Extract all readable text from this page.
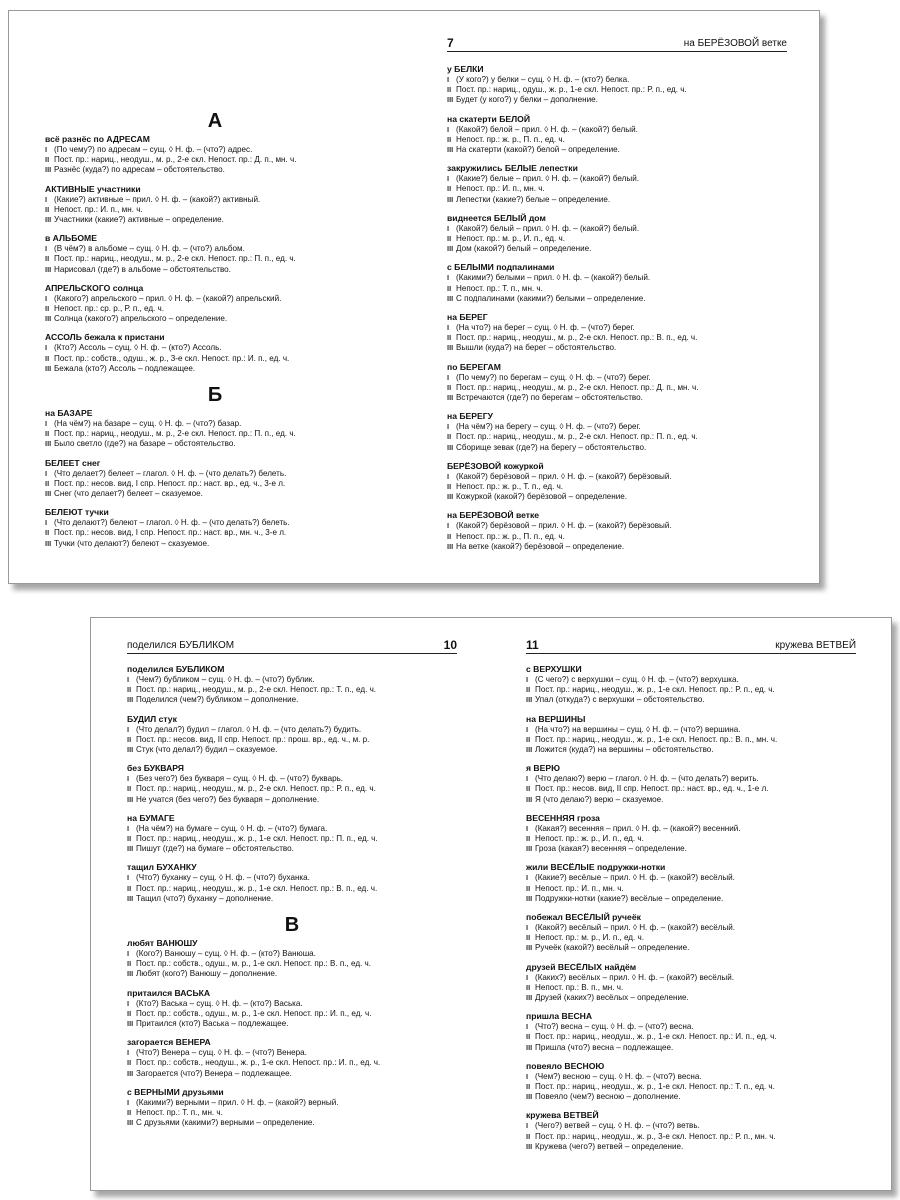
А
всё разнёс по АДРЕСАМ
I (По чему?) по адресам – сущ. ◊ Н. ф. – (что?) адрес.
II Пост. пр.: нариц., неодуш., м. р., 2-е скл. Непост. пр.: Д. п., мн. ч.
III Разнёс (куда?) по адресам – обстоятельство.
АКТИВНЫЕ участники
I (Какие?) активные – прил. ◊ Н. ф. – (какой?) активный.
II Непост. пр.: И. п., мн. ч.
III Участники (какие?) активные – определение.
в АЛЬБОМЕ
I (В чём?) в альбоме – сущ. ◊ Н. ф. – (что?) альбом.
II Пост. пр.: нариц., неодуш., м. р., 2-е скл. Непост. пр.: П. п., ед. ч.
III Нарисовал (где?) в альбоме – обстоятельство.
АПРЕЛЬСКОГО солнца
I (Какого?) апрельского – прил. ◊ Н. ф. – (какой?) апрельский.
II Непост. пр.: ср. р., Р. п., ед. ч.
III Солнца (какого?) апрельского – определение.
АССОЛЬ бежала к пристани
I (Кто?) Ассоль – сущ. ◊ Н. ф. – (кто?) Ассоль.
II Пост. пр.: собств., одуш., ж. р., 3-е скл. Непост. пр.: И. п., ед. ч.
III Бежала (кто?) Ассоль – подлежащее.
Б
на БАЗАРЕ
I (На чём?) на базаре – сущ. ◊ Н. ф. – (что?) базар.
II Пост. пр.: нариц., неодуш., м. р., 2-е скл. Непост. пр.: П. п., ед. ч.
III Было светло (где?) на базаре – обстоятельство.
БЕЛЕЕТ снег
I (Что делает?) белеет – глагол. ◊ Н. ф. – (что делать?) белеть.
II Пост. пр.: несов. вид, I спр. Непост. пр.: наст. вр., ед. ч., 3-е л.
III Снег (что делает?) белеет – сказуемое.
БЕЛЕЮТ тучки
I (Что делают?) белеют – глагол. ◊ Н. ф. – (что делать?) белеть.
II Пост. пр.: несов. вид, I спр. Непост. пр.: наст. вр., мн. ч., 3-е л.
III Тучки (что делают?) белеют – сказуемое.
7	на БЕРЁЗОВОЙ ветке
у БЕЛКИ
I (У кого?) у белки – сущ. ◊ Н. ф. – (кто?) белка.
II Пост. пр.: нариц., одуш., ж. р., 1-е скл. Непост. пр.: Р. п., ед. ч.
III Будет (у кого?) у белки – дополнение.
на скатерти БЕЛОЙ
I (Какой?) белой – прил. ◊ Н. ф. – (какой?) белый.
II Непост. пр.: ж. р., П. п., ед. ч.
III На скатерти (какой?) белой – определение.
закружились БЕЛЫЕ лепестки
I (Какие?) белые – прил. ◊ Н. ф. – (какой?) белый.
II Непост. пр.: И. п., мн. ч.
III Лепестки (какие?) белые – определение.
виднеется БЕЛЫЙ дом
I (Какой?) белый – прил. ◊ Н. ф. – (какой?) белый.
II Непост. пр.: м. р., И. п., ед. ч.
III Дом (какой?) белый – определение.
с БЕЛЫМИ подпалинами
I (Какими?) белыми – прил. ◊ Н. ф. – (какой?) белый.
II Непост. пр.: Т. п., мн. ч.
III С подпалинами (какими?) белыми – определение.
на БЕРЕГ
I (На что?) на берег – сущ. ◊ Н. ф. – (что?) берег.
II Пост. пр.: нариц., неодуш., м. р., 2-е скл. Непост. пр.: В. п., ед. ч.
III Вышли (куда?) на берег – обстоятельство.
по БЕРЕГАМ
I (По чему?) по берегам – сущ. ◊ Н. ф. – (что?) берег.
II Пост. пр.: нариц., неодуш., м. р., 2-е скл. Непост. пр.: Д. п., мн. ч.
III Встречаются (где?) по берегам – обстоятельство.
на БЕРЕГУ
I (На чём?) на берегу – сущ. ◊ Н. ф. – (что?) берег.
II Пост. пр.: нариц., неодуш., м. р., 2-е скл. Непост. пр.: П. п., ед. ч.
III Сборище зевак (где?) на берегу – обстоятельство.
БЕРЁЗОВОЙ кожуркой
I (Какой?) берёзовой – прил. ◊ Н. ф. – (какой?) берёзовый.
II Непост. пр.: ж. р., Т. п., ед. ч.
III Кожуркой (какой?) берёзовой – определение.
на БЕРЁЗОВОЙ ветке
I (Какой?) берёзовой – прил. ◊ Н. ф. – (какой?) берёзовый.
II Непост. пр.: ж. р., П. п., ед. ч.
III На ветке (какой?) берёзовой – определение.
поделился БУБЛИКОМ	10
поделился БУБЛИКОМ
I (Чем?) бубликом – сущ. ◊ Н. ф. – (что?) бублик.
II Пост. пр.: нариц., неодуш., м. р., 2-е скл. Непост. пр.: Т. п., ед. ч.
III Поделился (чем?) бубликом – дополнение.
БУДИЛ стук
I (Что делал?) будил – глагол. ◊ Н. ф. – (что делать?) будить.
II Пост. пр.: несов. вид, II спр. Непост. пр.: прош. вр., ед. ч., м. р.
III Стук (что делал?) будил – сказуемое.
без БУКВАРЯ
I (Без чего?) без букваря – сущ. ◊ Н. ф. – (что?) букварь.
II Пост. пр.: нариц., неодуш., м. р., 2-е скл. Непост. пр.: Р. п., ед. ч.
III Не учатся (без чего?) без букваря – дополнение.
на БУМАГЕ
I (На чём?) на бумаге – сущ. ◊ Н. ф. – (что?) бумага.
II Пост. пр.: нариц., неодуш., ж. р., 1-е скл. Непост. пр.: П. п., ед. ч.
III Пишут (где?) на бумаге – обстоятельство.
тащил БУХАНКУ
I (Что?) буханку – сущ. ◊ Н. ф. – (что?) буханка.
II Пост. пр.: нариц., неодуш., ж. р., 1-е скл. Непост. пр.: В. п., ед. ч.
III Тащил (что?) буханку – дополнение.
В
любят ВАНЮШУ
I (Кого?) Ванюшу – сущ. ◊ Н. ф. – (кто?) Ванюша.
II Пост. пр.: собств., одуш., м. р., 1-е скл. Непост. пр.: В. п., ед. ч.
III Любят (кого?) Ванюшу – дополнение.
притаился ВАСЬКА
I (Кто?) Васька – сущ. ◊ Н. ф. – (кто?) Васька.
II Пост. пр.: собств., одуш., м. р., 1-е скл. Непост. пр.: И. п., ед. ч.
III Притаился (кто?) Васька – подлежащее.
загорается ВЕНЕРА
I (Что?) Венера – сущ. ◊ Н. ф. – (что?) Венера.
II Пост. пр.: собств., неодуш., ж. р., 1-е скл. Непост. пр.: И. п., ед. ч.
III Загорается (что?) Венера – подлежащее.
с ВЕРНЫМИ друзьями
I (Какими?) верными – прил. ◊ Н. ф. – (какой?) верный.
II Непост. пр.: Т. п., мн. ч.
III С друзьями (какими?) верными – определение.
11	кружева ВЕТВЕЙ
с ВЕРХУШКИ
I (С чего?) с верхушки – сущ. ◊ Н. ф. – (что?) верхушка.
II Пост. пр.: нариц., неодуш., ж. р., 1-е скл. Непост. пр.: Р. п., ед. ч.
III Упал (откуда?) с верхушки – обстоятельство.
на ВЕРШИНЫ
I (На что?) на вершины – сущ. ◊ Н. ф. – (что?) вершина.
II Пост. пр.: нариц., неодуш., ж. р., 1-е скл. Непост. пр.: В. п., мн. ч.
III Ложится (куда?) на вершины – обстоятельство.
я ВЕРЮ
I (Что делаю?) верю – глагол. ◊ Н. ф. – (что делать?) верить.
II Пост. пр.: несов. вид, II спр. Непост. пр.: наст. вр., ед. ч., 1-е л.
III Я (что делаю?) верю – сказуемое.
ВЕСЕННЯЯ гроза
I (Какая?) весенняя – прил. ◊ Н. ф. – (какой?) весенний.
II Непост. пр.: ж. р., И. п., ед. ч.
III Гроза (какая?) весенняя – определение.
жили ВЕСЁЛЫЕ подружки-нотки
I (Какие?) весёлые – прил. ◊ Н. ф. – (какой?) весёлый.
II Непост. пр.: И. п., мн. ч.
III Подружки-нотки (какие?) весёлые – определение.
побежал ВЕСЁЛЫЙ ручеёк
I (Какой?) весёлый – прил. ◊ Н. ф. – (какой?) весёлый.
II Непост. пр.: м. р., И. п., ед. ч.
III Ручеёк (какой?) весёлый – определение.
друзей ВЕСЁЛЫХ найдём
I (Каких?) весёлых – прил. ◊ Н. ф. – (какой?) весёлый.
II Непост. пр.: В. п., мн. ч.
III Друзей (каких?) весёлых – определение.
пришла ВЕСНА
I (Что?) весна – сущ. ◊ Н. ф. – (что?) весна.
II Пост. пр.: нариц., неодуш., ж. р., 1-е скл. Непост. пр.: И. п., ед. ч.
III Пришла (что?) весна – подлежащее.
повеяло ВЕСНОЮ
I (Чем?) весною – сущ. ◊ Н. ф. – (что?) весна.
II Пост. пр.: нариц., неодуш., ж. р., 1-е скл. Непост. пр.: Т. п., ед. ч.
III Повеяло (чем?) весною – дополнение.
кружева ВЕТВЕЙ
I (Чего?) ветвей – сущ. ◊ Н. ф. – (что?) ветвь.
II Пост. пр.: нариц., неодуш., ж. р., 3-е скл. Непост. пр.: Р. п., мн. ч.
III Кружева (чего?) ветвей – определение.
